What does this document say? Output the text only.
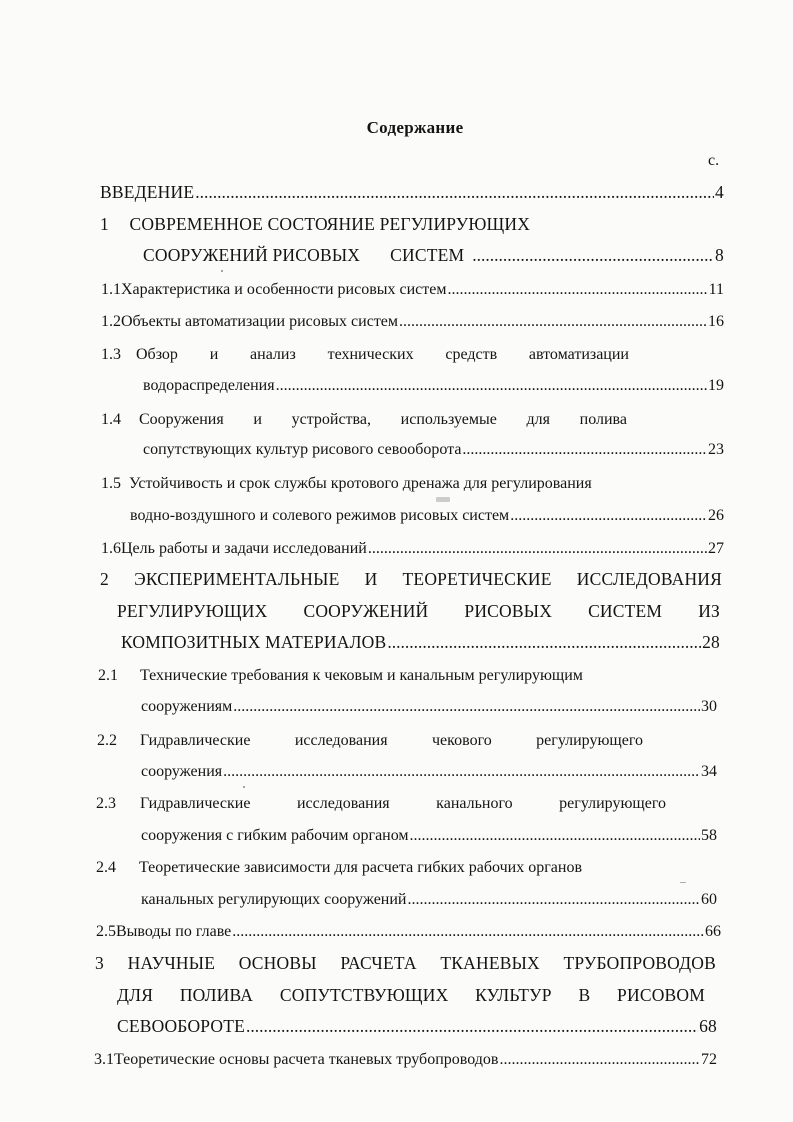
Содержание
с.
ВВЕДЕНИЕ .....	4
1 СОВРЕМЕННОЕ СОСТОЯНИЕ РЕГУЛИРУЮЩИХ
СООРУЖЕНИЙ РИСОВЫХ СИСТЕМ .....	8
1.1 Характеристика и особенности рисовых систем .....	11
1.2 Объекты автоматизации рисовых систем .....	16
1.3 Обзор и анализ технических средств автоматизации
водораспределения .....	19
1.4	Сооружения и устройства, используемые для полива
сопутствующих культур рисового севооборота .....	23
1.5 Устойчивость и срок службы кротового дренажа для регулирования
водно-воздушного и солевого режимов рисовых систем .....	26
1.6 Цель работы и задачи исследований .....	27
2 ЭКСПЕРИМЕНТАЛЬНЫЕ И ТЕОРЕТИЧЕСКИЕ ИССЛЕДОВАНИЯ
РЕГУЛИРУЮЩИХ СООРУЖЕНИЙ РИСОВЫХ СИСТЕМ ИЗ
КОМПОЗИТНЫХ МАТЕРИАЛОВ .....	28
2.1 Технические требования к чековым и канальным регулирующим
сооружениям .....	30
2.2	Гидравлические исследования чекового регулирующего
сооружения .....	34
2.3	Гидравлические исследования канального регулирующего
сооружения с гибким рабочим органом .....	58
2.4 Теоретические зависимости для расчета гибких рабочих органов
канальных регулирующих сооружений .....	60
2.5 Выводы по главе .....	66
3 НАУЧНЫЕ ОСНОВЫ РАСЧЕТА ТКАНЕВЫХ ТРУБОПРОВОДОВ
ДЛЯ ПОЛИВА СОПУТСТВУЮЩИХ КУЛЬТУР В РИСОВОМ
СЕВООБОРОТЕ .....	68
3.1 Теоретические основы расчета тканевых трубопроводов .....	72
